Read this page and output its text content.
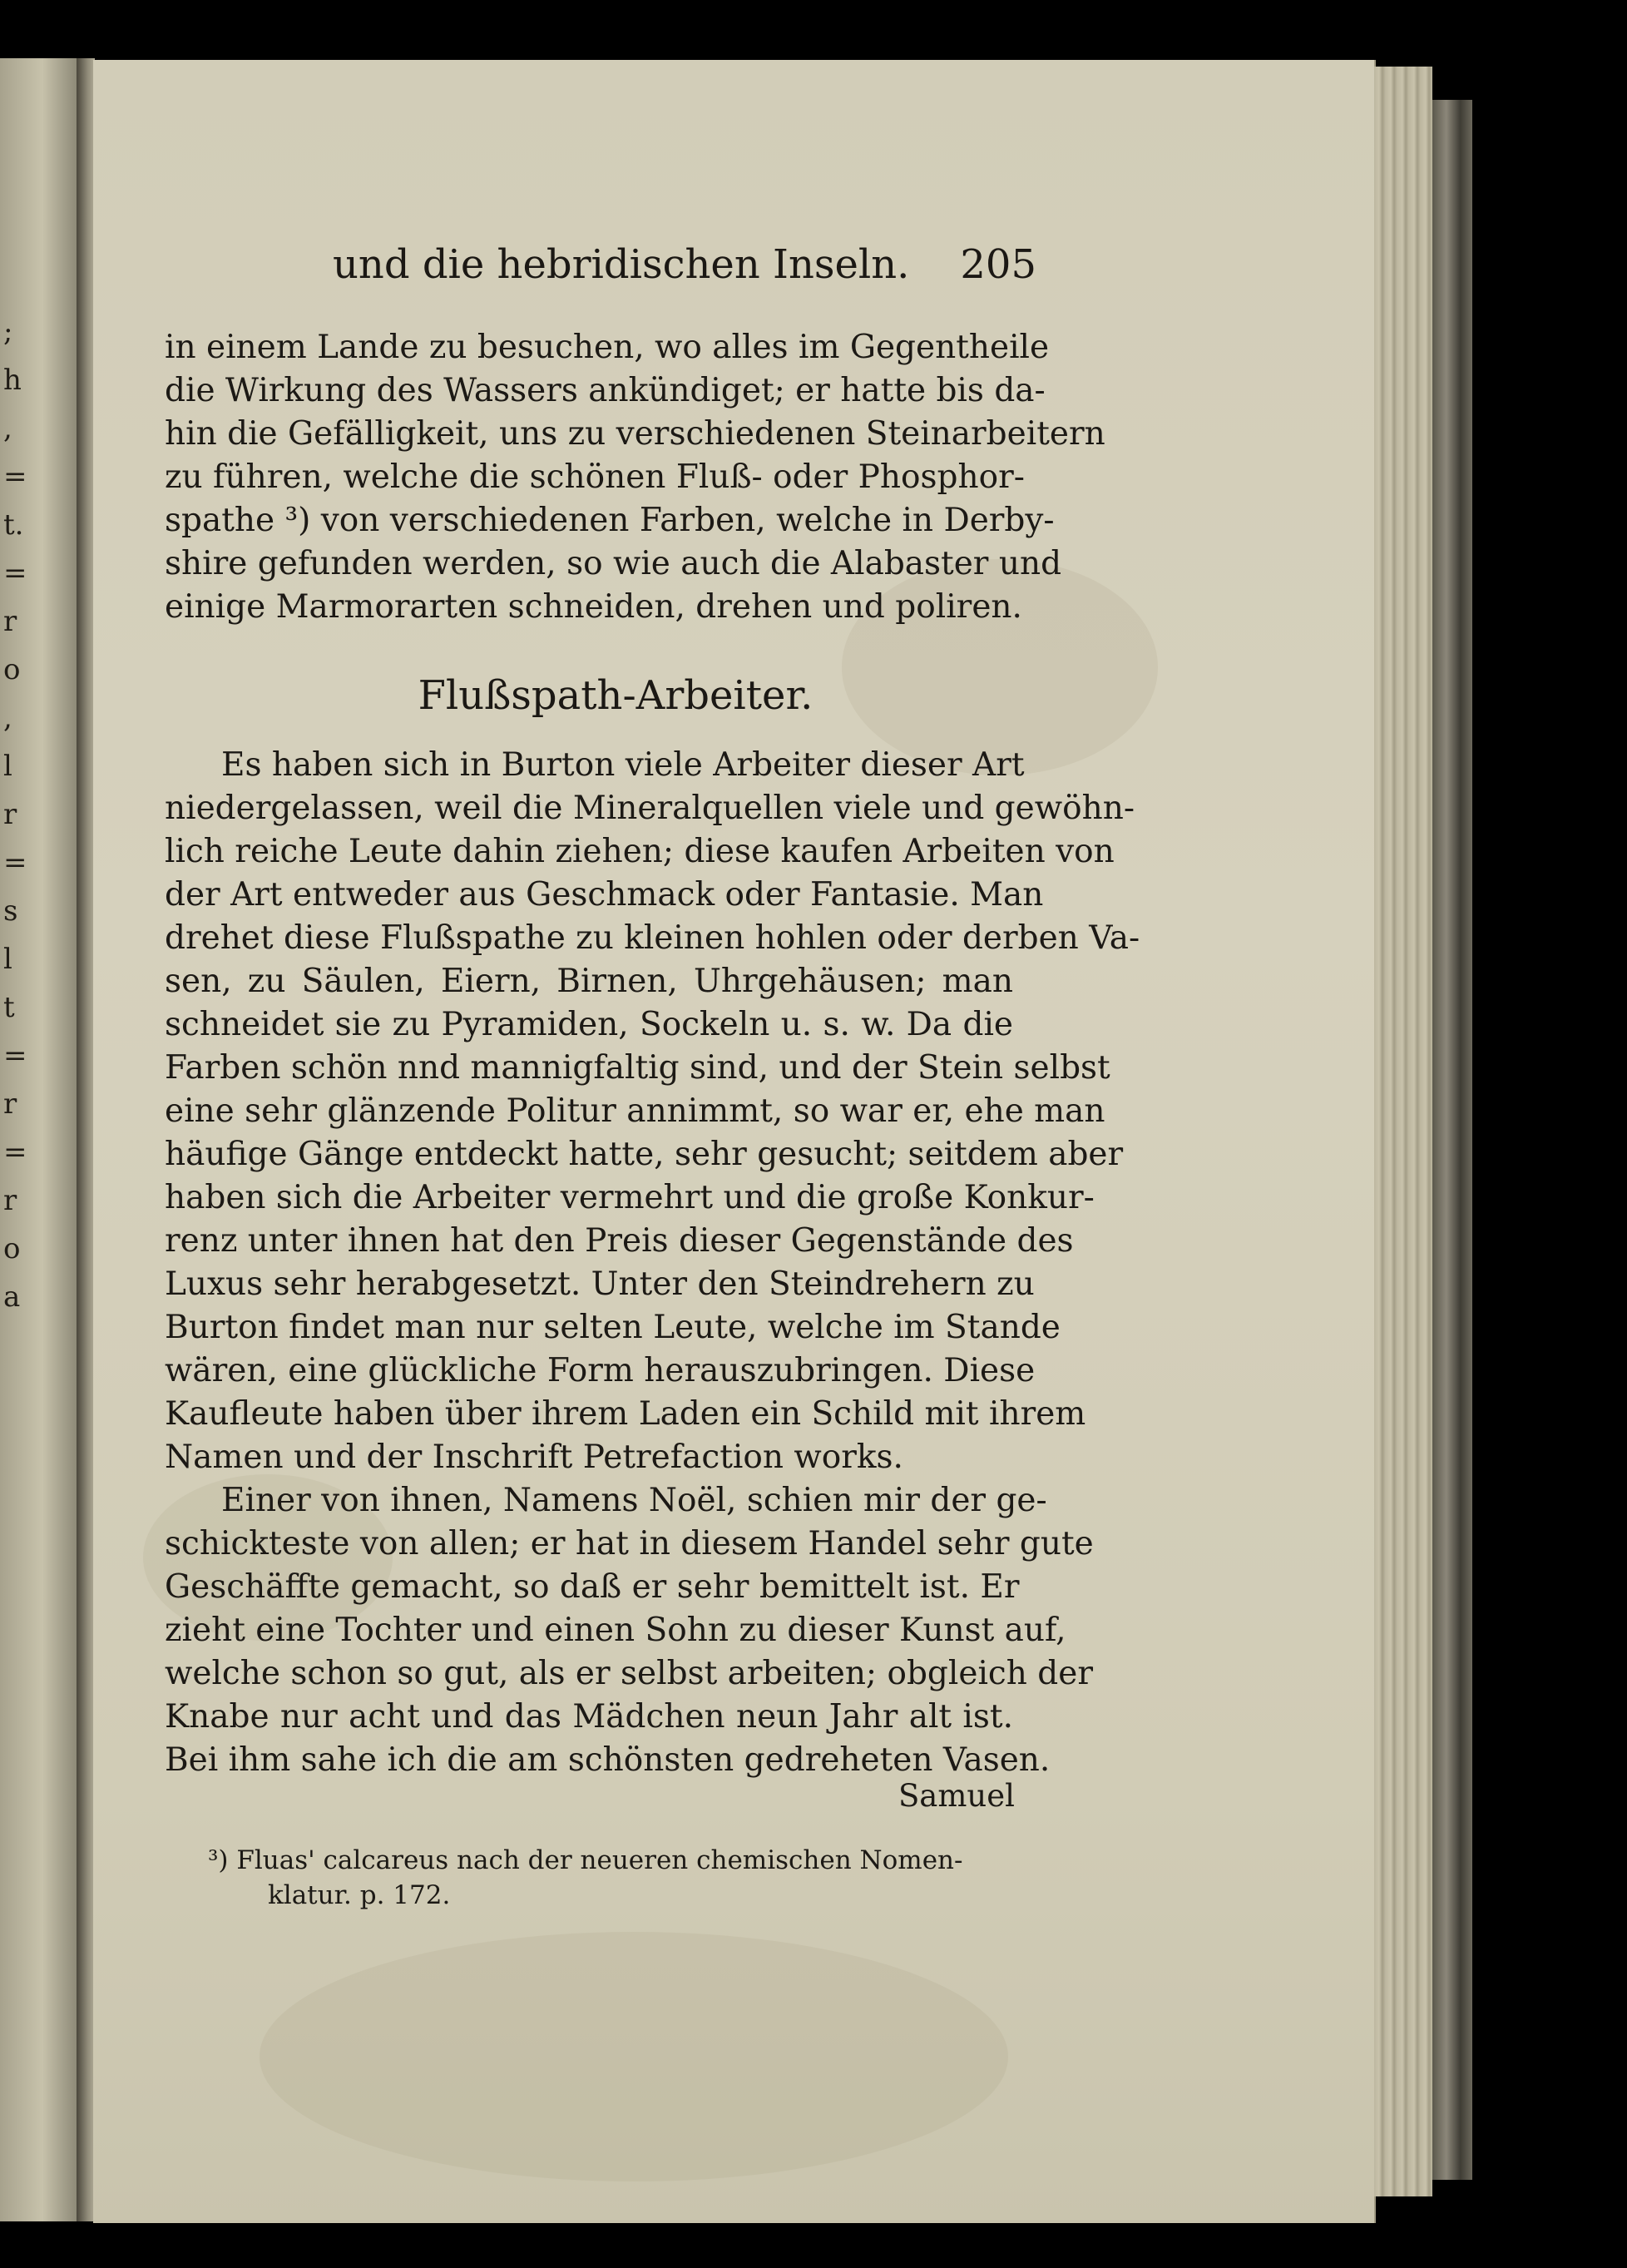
;
h
,
=
t.
=
r
o
,
l
r
=
s
l
t
=
r
=
r
o
a
und die hebridischen Inseln.	205
in einem Lande zu besuchen, wo alles im Gegentheile
die Wirkung des Wassers ankündiget; er hatte bis da-
hin die Gefälligkeit, uns zu verschiedenen Steinarbeitern
zu führen, welche die schönen Fluß- oder Phosphor-
spathe ³) von verschiedenen Farben, welche in Derby-
shire gefunden werden, so wie auch die Alabaster und
einige Marmorarten schneiden, drehen und poliren.
Flußspath-Arbeiter.
Es haben sich in Burton viele Arbeiter dieser Art
niedergelassen, weil die Mineralquellen viele und gewöhn-
lich reiche Leute dahin ziehen; diese kaufen Arbeiten von
der Art entweder aus Geschmack oder Fantasie. Man
drehet diese Flußspathe zu kleinen hohlen oder derben Va-
sen, zu Säulen, Eiern, Birnen, Uhrgehäusen; man
schneidet sie zu Pyramiden, Sockeln u. s. w. Da die
Farben schön nnd mannigfaltig sind, und der Stein selbst
eine sehr glänzende Politur annimmt, so war er, ehe man
häufige Gänge entdeckt hatte, sehr gesucht; seitdem aber
haben sich die Arbeiter vermehrt und die große Konkur-
renz unter ihnen hat den Preis dieser Gegenstände des
Luxus sehr herabgesetzt. Unter den Steindrehern zu
Burton findet man nur selten Leute, welche im Stande
wären, eine glückliche Form herauszubringen. Diese
Kaufleute haben über ihrem Laden ein Schild mit ihrem
Namen und der Inschrift Petrefaction works.
Einer von ihnen, Namens Noël, schien mir der ge-
schickteste von allen; er hat in diesem Handel sehr gute
Geschäffte gemacht, so daß er sehr bemittelt ist. Er
zieht eine Tochter und einen Sohn zu dieser Kunst auf,
welche schon so gut, als er selbst arbeiten; obgleich der
Knabe nur acht und das Mädchen neun Jahr alt ist.
Bei ihm sahe ich die am schönsten gedreheten Vasen.
Samuel
³) Fluas' calcareus nach der neueren chemischen Nomen-
klatur. p. 172.
